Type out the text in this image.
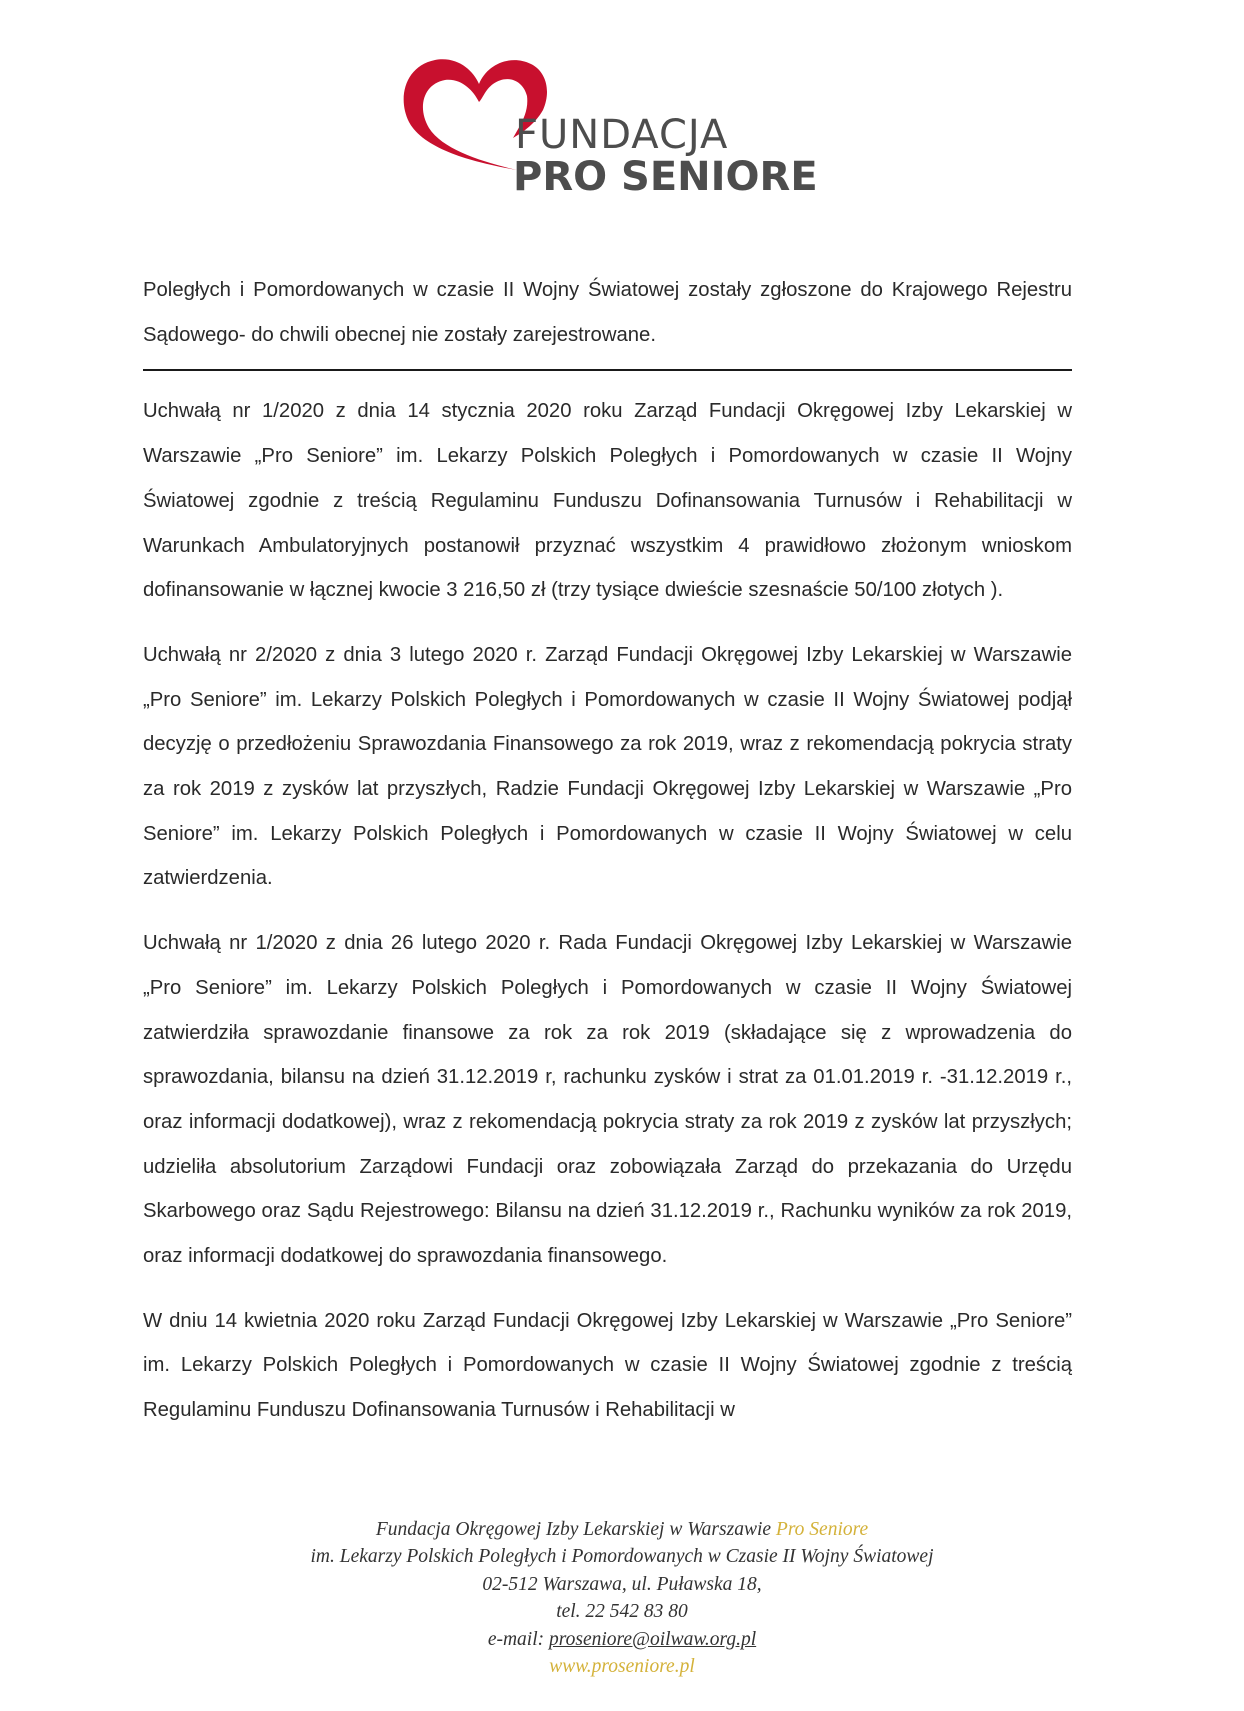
FUNDACJA
PRO SENIORE

Poległych i Pomordowanych w czasie II Wojny Światowej zostały zgłoszone do Krajowego Rejestru Sądowego- do chwili obecnej nie zostały zarejestrowane.

Uchwałą nr 1/2020 z dnia 14 stycznia 2020 roku Zarząd Fundacji Okręgowej Izby Lekarskiej w Warszawie „Pro Seniore” im. Lekarzy Polskich Poległych i Pomordowanych w czasie II Wojny Światowej zgodnie z treścią Regulaminu Funduszu Dofinansowania Turnusów i Rehabilitacji w Warunkach Ambulatoryjnych postanowił przyznać wszystkim 4 prawidłowo złożonym wnioskom dofinansowanie w łącznej kwocie 3 216,50 zł (trzy tysiące dwieście szesnaście 50/100 złotych ).

Uchwałą nr 2/2020 z dnia 3 lutego 2020 r. Zarząd Fundacji Okręgowej Izby Lekarskiej w Warszawie „Pro Seniore” im. Lekarzy Polskich Poległych i Pomordowanych w czasie II Wojny Światowej podjął decyzję o przedłożeniu Sprawozdania Finansowego za rok 2019, wraz z rekomendacją pokrycia straty za rok 2019 z zysków lat przyszłych, Radzie Fundacji Okręgowej Izby Lekarskiej w Warszawie „Pro Seniore” im. Lekarzy Polskich Poległych i Pomordowanych w czasie II Wojny Światowej w celu zatwierdzenia.

Uchwałą nr 1/2020 z dnia 26 lutego 2020 r. Rada Fundacji Okręgowej Izby Lekarskiej w Warszawie „Pro Seniore” im. Lekarzy Polskich Poległych i Pomordowanych w czasie II Wojny Światowej zatwierdziła sprawozdanie finansowe za rok za rok 2019 (składające się z wprowadzenia do sprawozdania, bilansu na dzień 31.12.2019 r, rachunku zysków i strat za 01.01.2019 r. -31.12.2019 r., oraz informacji dodatkowej), wraz z rekomendacją pokrycia straty za rok 2019 z zysków lat przyszłych; udzieliła absolutorium Zarządowi Fundacji oraz zobowiązała Zarząd do przekazania do Urzędu Skarbowego oraz Sądu Rejestrowego: Bilansu na dzień 31.12.2019 r., Rachunku wyników za rok 2019, oraz informacji dodatkowej do sprawozdania finansowego.

W dniu 14 kwietnia 2020 roku Zarząd Fundacji Okręgowej Izby Lekarskiej w Warszawie „Pro Seniore” im. Lekarzy Polskich Poległych i Pomordowanych w czasie II Wojny Światowej zgodnie z treścią Regulaminu Funduszu Dofinansowania Turnusów i Rehabilitacji w

Fundacja Okręgowej Izby Lekarskiej w Warszawie Pro Seniore
im. Lekarzy Polskich Poległych i Pomordowanych w Czasie II Wojny Światowej
02-512 Warszawa, ul. Puławska 18,
tel. 22 542 83 80
e-mail: proseniore@oilwaw.org.pl
www.proseniore.pl
